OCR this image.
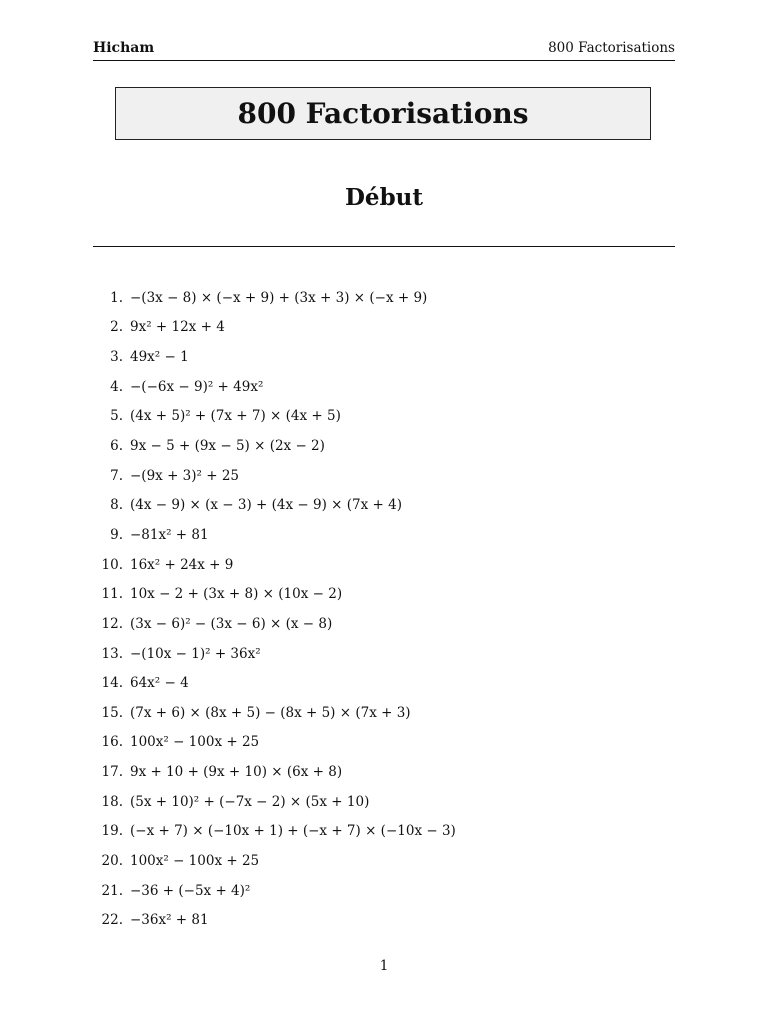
Hicham	800 Factorisations
800 Factorisations
Début
1. −(3x − 8) × (−x + 9) + (3x + 3) × (−x + 9)
2. 9x² + 12x + 4
3. 49x² − 1
4. −(−6x − 9)² + 49x²
5. (4x + 5)² + (7x + 7) × (4x + 5)
6. 9x − 5 + (9x − 5) × (2x − 2)
7. −(9x + 3)² + 25
8. (4x − 9) × (x − 3) + (4x − 9) × (7x + 4)
9. −81x² + 81
10. 16x² + 24x + 9
11. 10x − 2 + (3x + 8) × (10x − 2)
12. (3x − 6)² − (3x − 6) × (x − 8)
13. −(10x − 1)² + 36x²
14. 64x² − 4
15. (7x + 6) × (8x + 5) − (8x + 5) × (7x + 3)
16. 100x² − 100x + 25
17. 9x + 10 + (9x + 10) × (6x + 8)
18. (5x + 10)² + (−7x − 2) × (5x + 10)
19. (−x + 7) × (−10x + 1) + (−x + 7) × (−10x − 3)
20. 100x² − 100x + 25
21. −36 + (−5x + 4)²
22. −36x² + 81
1
